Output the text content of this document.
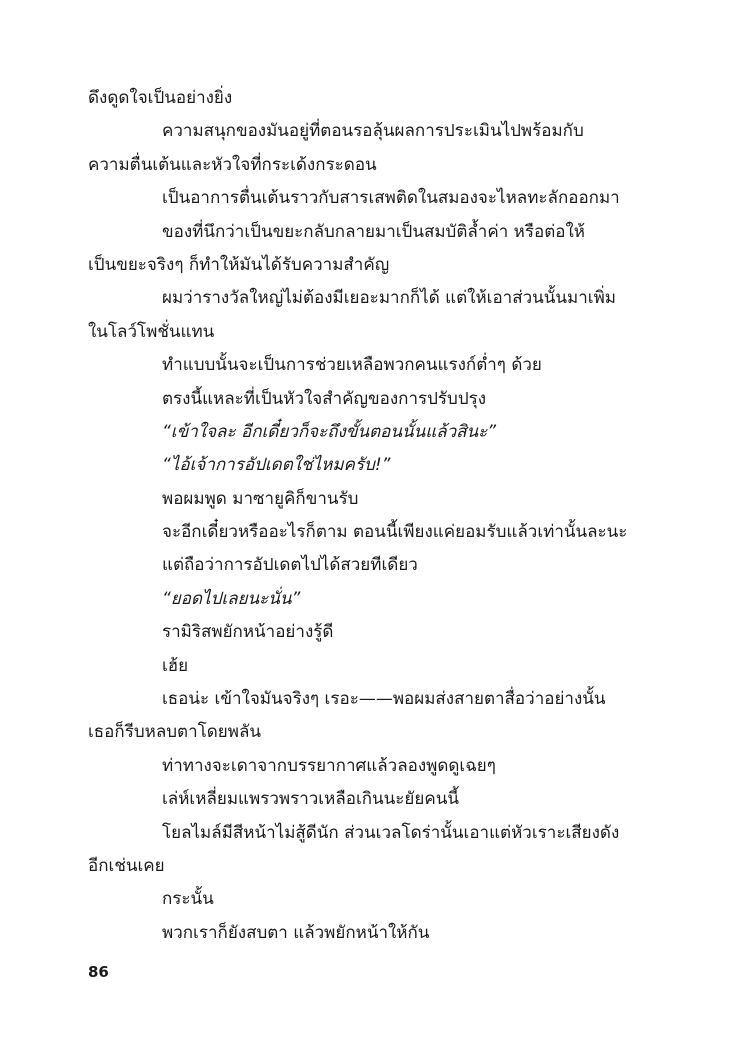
ดึงดูดใจเป็นอย่างยิ่ง
ความสนุกของมันอยู่ที่ตอนรอลุ้นผลการประเมินไปพร้อมกับ
ความตื่นเต้นและหัวใจที่กระเด้งกระดอน
เป็นอาการตื่นเต้นราวกับสารเสพติดในสมองจะไหลทะลักออกมา
ของที่นึกว่าเป็นขยะกลับกลายมาเป็นสมบัติล้ำค่า หรือต่อให้
เป็นขยะจริงๆ ก็ทำให้มันได้รับความสำคัญ
ผมว่ารางวัลใหญ่ไม่ต้องมีเยอะมากก็ได้ แต่ให้เอาส่วนนั้นมาเพิ่ม
ในโลว์โพชั่นแทน
ทำแบบนั้นจะเป็นการช่วยเหลือพวกคนแรงก์ต่ำๆ ด้วย
ตรงนี้แหละที่เป็นหัวใจสำคัญของการปรับปรุง
“เข้าใจละ อีกเดี๋ยวก็จะถึงขั้นตอนนั้นแล้วสินะ”
“ไอ้เจ้าการอัปเดตใช่ไหมครับ!”
พอผมพูด มาซายูคิก็ขานรับ
จะอีกเดี๋ยวหรืออะไรก็ตาม ตอนนี้เพียงแค่ยอมรับแล้วเท่านั้นละนะ
แต่ถือว่าการอัปเดตไปได้สวยทีเดียว
“ยอดไปเลยนะนั่น”
รามิริสพยักหน้าอย่างรู้ดี
เฮ้ย
เธอน่ะ เข้าใจมันจริงๆ เรอะ——พอผมส่งสายตาสื่อว่าอย่างนั้น
เธอก็รีบหลบตาโดยพลัน
ท่าทางจะเดาจากบรรยากาศแล้วลองพูดดูเฉยๆ
เล่ห์เหลี่ยมแพรวพราวเหลือเกินนะยัยคนนี้
โยลไมล์มีสีหน้าไม่สู้ดีนัก ส่วนเวลโดร่านั้นเอาแต่หัวเราะเสียงดัง
อีกเช่นเคย
กระนั้น
พวกเราก็ยังสบตา แล้วพยักหน้าให้กัน
86
